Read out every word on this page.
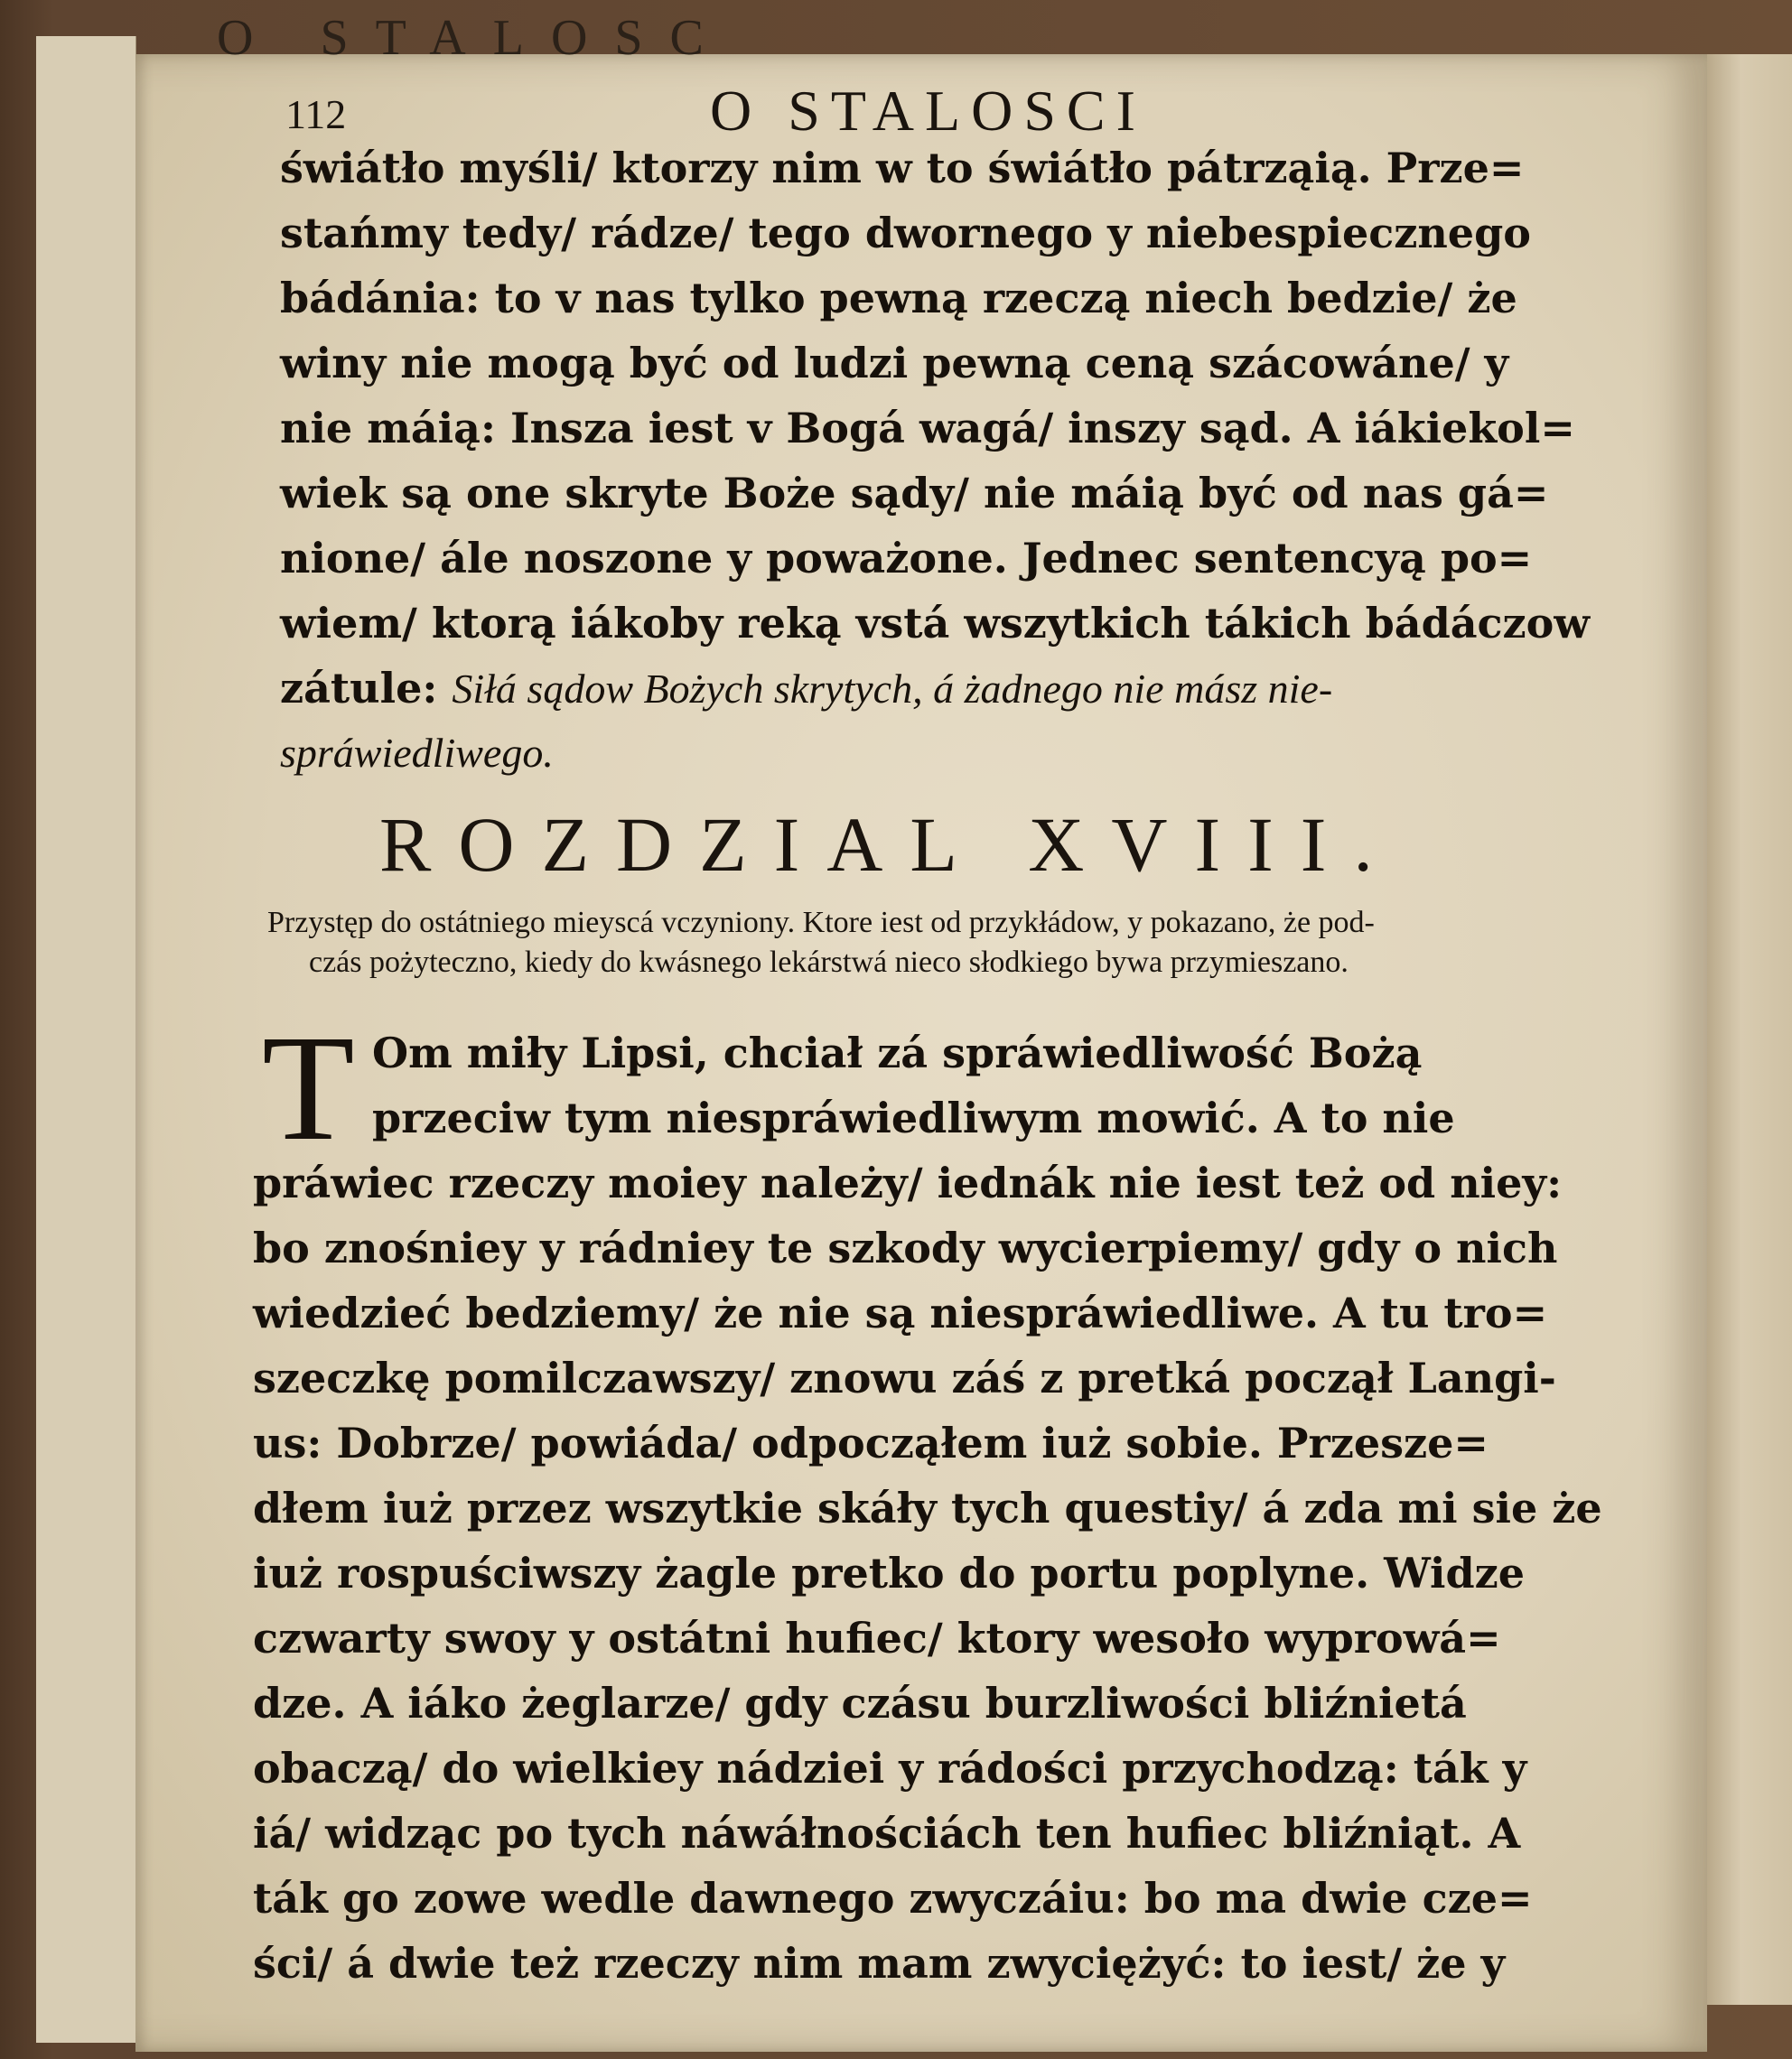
O STALOSC
112	O STALOSCI
świátło myśli/ ktorzy nim w to świátło pátrząią. Prze=
stańmy tedy/ rádze/ tego dwornego y niebespiecznego
bádánia: to v nas tylko pewną rzeczą niech bedzie/ że
winy nie mogą być od ludzi pewną ceną szácowáne/ y
nie máią: Insza iest v Bogá wagá/ inszy sąd. A iákiekol=
wiek są one skryte Boże sądy/ nie máią być od nas gá=
nione/ ále noszone y poważone. Jednec sentencyą po=
wiem/ ktorą iákoby reką vstá wszytkich tákich bádáczow
zátule: Siłá sądow Bożych skrytych, á żadnego nie mász nie-
spráwiedliwego.
ROZDZIAL XVIII.
Przystęp do ostátniego mieyscá vczyniony. Ktore iest od przykłádow, y pokazano, że pod-
czás pożyteczno, kiedy do kwásnego lekárstwá nieco słodkiego bywa przymieszano.
T Om miły Lipsi, chciał zá spráwiedliwość Bożą
przeciw tym niespráwiedliwym mowić. A to nie
práwiec rzeczy moiey należy/ iednák nie iest też od niey:
bo znośniey y rádniey te szkody wycierpiemy/ gdy o nich
wiedzieć bedziemy/ że nie są niespráwiedliwe. A tu tro=
szeczkę pomilczawszy/ znowu záś z pretká począł Langi-
us: Dobrze/ powiáda/ odpocząłem iuż sobie. Przesze=
dłem iuż przez wszytkie skáły tych questiy/ á zda mi sie że
iuż rospuściwszy żagle pretko do portu poplyne. Widze
czwarty swoy y ostátni hufiec/ ktory wesoło wyprowá=
dze. A iáko żeglarze/ gdy czásu burzliwości bliźnietá
obaczą/ do wielkiey nádziei y rádości przychodzą: ták y
iá/ widząc po tych náwáłnościách ten hufiec bliźniąt. A
ták go zowe wedle dawnego zwyczáiu: bo ma dwie cze=
ści/ á dwie też rzeczy nim mam zwyciężyć: to iest/ że y
